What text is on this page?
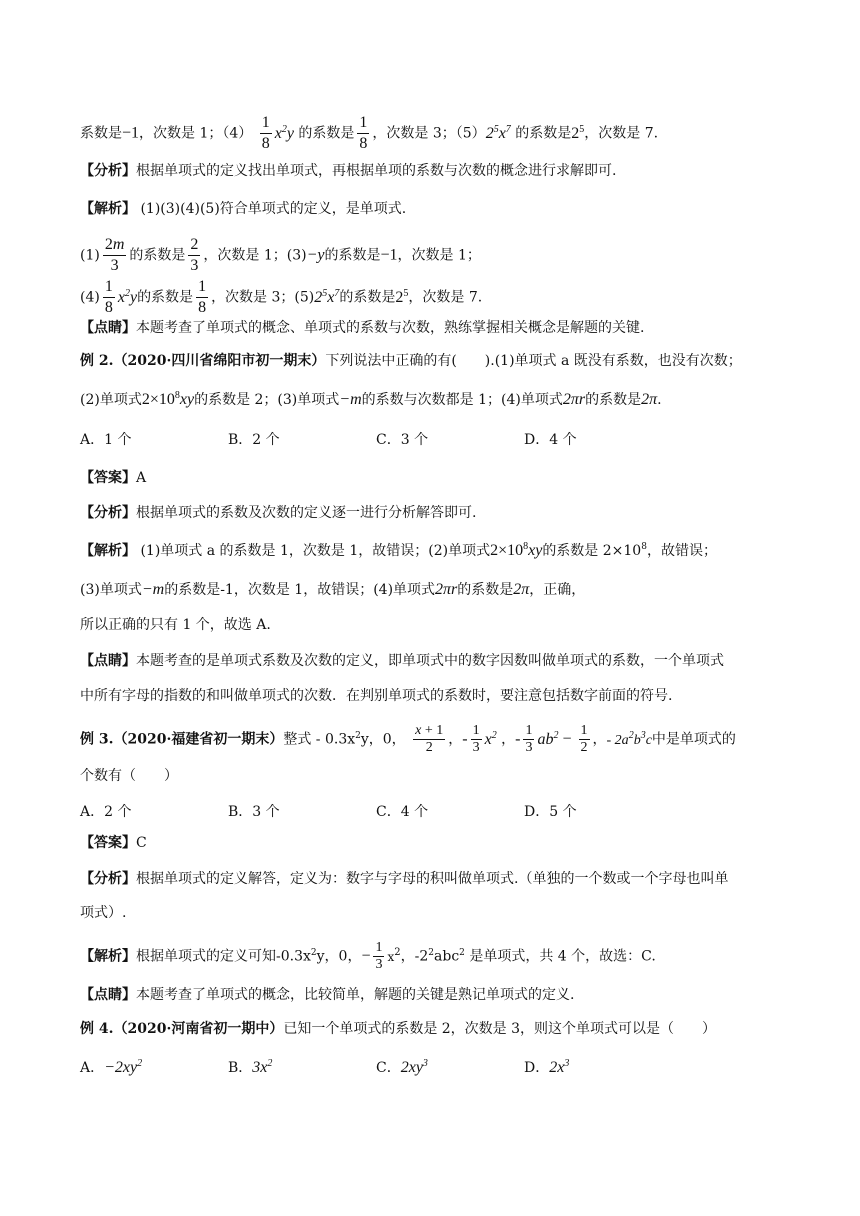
系数是−1，次数是 1；$(4) \frac{1}{8} x^2y$ 的系数是 $\frac{1}{8}$ ，次数是 3；$(5)2^5x^7$ 的系数是$2^5$，次数是 7.
【分析】根据单项式的定义找出单项式，再根据单项的系数与次数的概念进行求解即可.
【解析】 (1)(3)(4)(5)符合单项式的定义，是单项式.
$(1) \frac{2m}{3}$ 的系数是 $\frac{2}{3}$ ，次数是 1；(3)−y的系数是−1，次数是 1；
$(4) \frac{1}{8} x^2y$的系数是 $\frac{1}{8}$ ，次数是 3；$(5)2^5x^7$的系数是$2^5$，次数是 7.
【点睛】本题考查了单项式的概念、单项式的系数与次数，熟练掌握相关概念是解题的关键.
例 2.（2020·四川省绵阳市初一期末）下列说法中正确的有(　　).(1)单项式 a 既没有系数，也没有次数；
(2)单项式$2\times 10^8xy$的系数是 2；(3)单项式−m的系数与次数都是 1；(4)单项式2πr的系数是2π.
A．1 个	B．2 个	C．3 个	D．4 个
【答案】A
【分析】根据单项式的系数及次数的定义逐一进行分析解答即可.
【解析】 (1)单项式 a 的系数是 1，次数是 1，故错误；(2)单项式$2\times 10^8xy$的系数是 $2\times 10^8$，故错误；
(3)单项式−m的系数是-1，次数是 1，故错误；(4)单项式2πr的系数是2π，正确，
所以正确的只有 1 个，故选 A.
【点睛】本题考查的是单项式系数及次数的定义，即单项式中的数字因数叫做单项式的系数，一个单项式
中所有字母的指数的和叫做单项式的次数．在判别单项式的系数时，要注意包括数字前面的符号.
例 3.（2020·福建省初一期末）整式 - $0.3x^2y$，0， $\frac{x + 1}{2}$ ，- $\frac{1}{3} x^2$ ，- $\frac{1}{3} ab^2 - \frac{1}{2}$ ，- $2a^2b^3c$中是单项式的
个数有（　　）
A．2 个	B．3 个	C．4 个	D．5 个
【答案】C
【分析】根据单项式的定义解答，定义为：数字与字母的积叫做单项式.（单独的一个数或一个字母也叫单
项式）.
【解析】根据单项式的定义可知$-0.3x^2y$，0，− $\frac{1}{3} x^2$，$-2^2abc^2$ 是单项式，共 4 个，故选：C.
【点睛】本题考查了单项式的概念，比较简单，解题的关键是熟记单项式的定义.
例 4.（2020·河南省初一期中）已知一个单项式的系数是 2，次数是 3，则这个单项式可以是（　　）
A．$-2xy^2$	B．$3x^2$	C．$2xy^3$	D．$2x^3$
